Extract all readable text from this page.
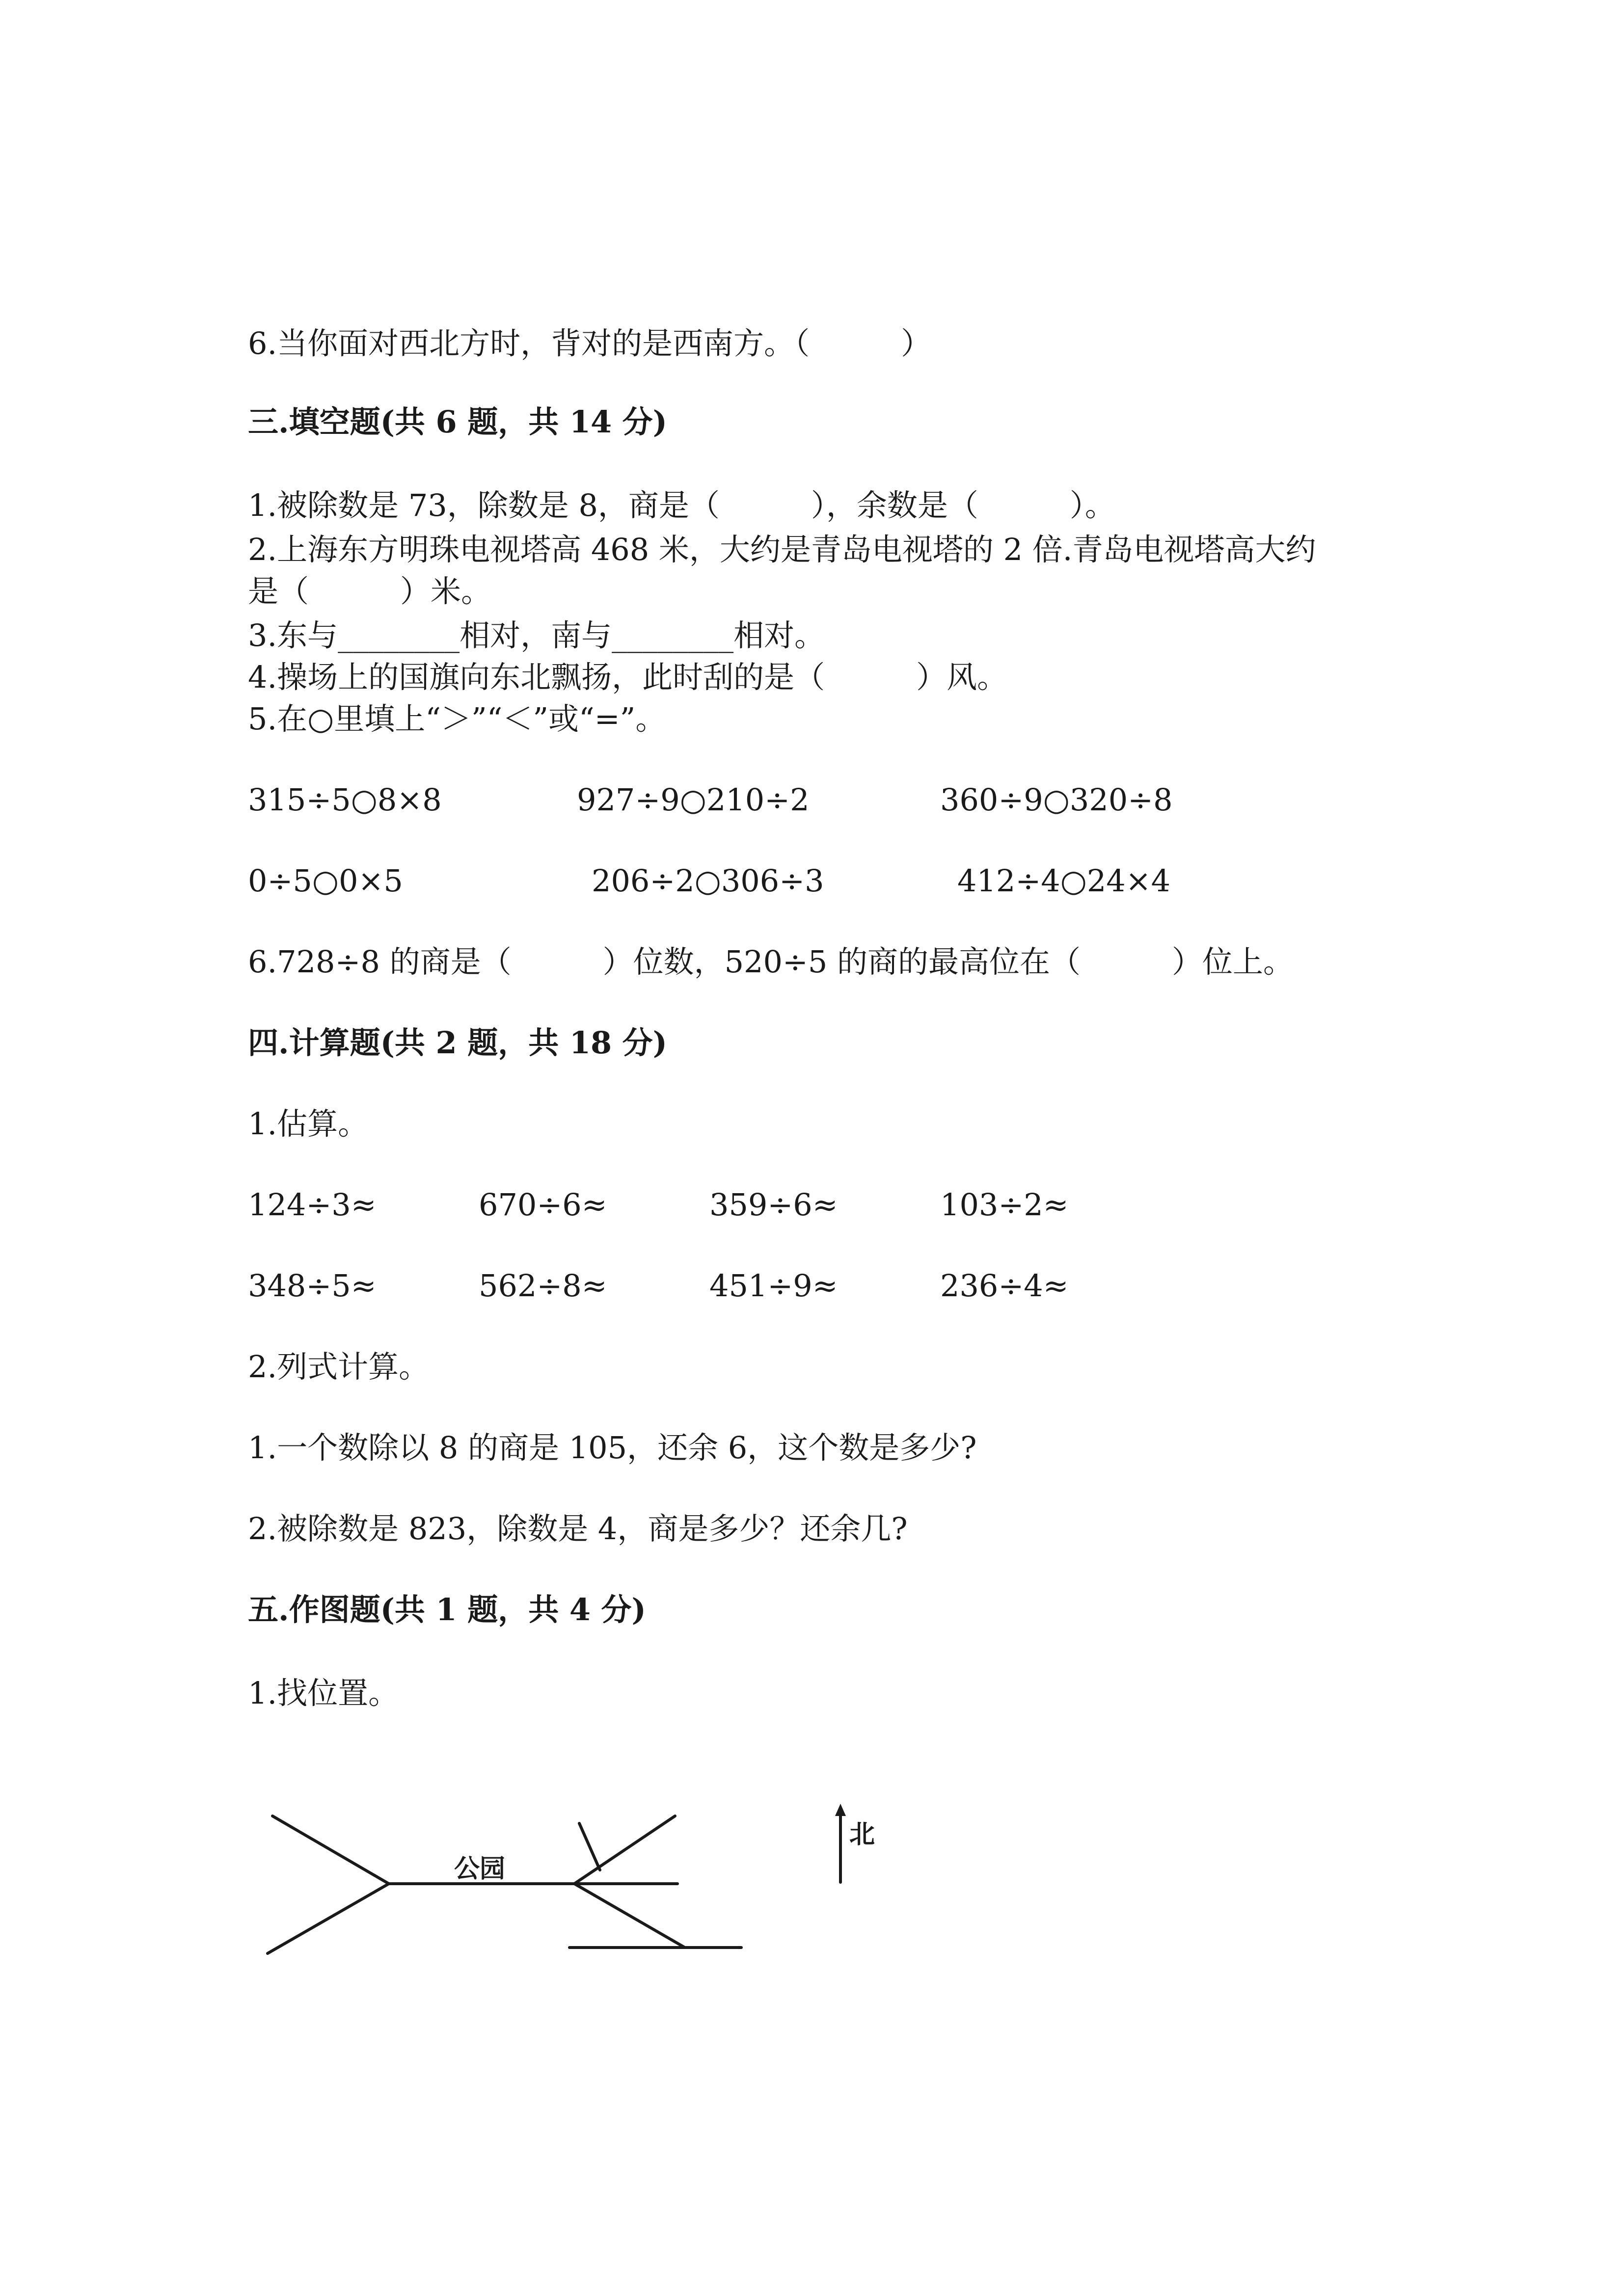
6.当你面对西北方时，背对的是西南方。（　　　）
三.填空题(共 6 题，共 14 分)
1.被除数是 73，除数是 8，商是（　　　），余数是（　　　）。
2.上海东方明珠电视塔高 468 米，大约是青岛电视塔的 2 倍.青岛电视塔高大约
是（　　　）米。
3.东与________相对，南与________相对。
4.操场上的国旗向东北飘扬，此时刮的是（　　　）风。
5.在○里填上“＞”“＜”或“=”。
315÷5○8×8	927÷9○210÷2	360÷9○320÷8
0÷5○0×5	206÷2○306÷3	412÷4○24×4
6.728÷8 的商是（　　　）位数，520÷5 的商的最高位在（　　　）位上。
四.计算题(共 2 题，共 18 分)
1.估算。
124÷3≈	670÷6≈	359÷6≈	103÷2≈
348÷5≈	562÷8≈	451÷9≈	236÷4≈
2.列式计算。
1.一个数除以 8 的商是 105，还余 6，这个数是多少?
2.被除数是 823，除数是 4，商是多少？还余几?
五.作图题(共 1 题，共 4 分)
1.找位置。
公园
北
